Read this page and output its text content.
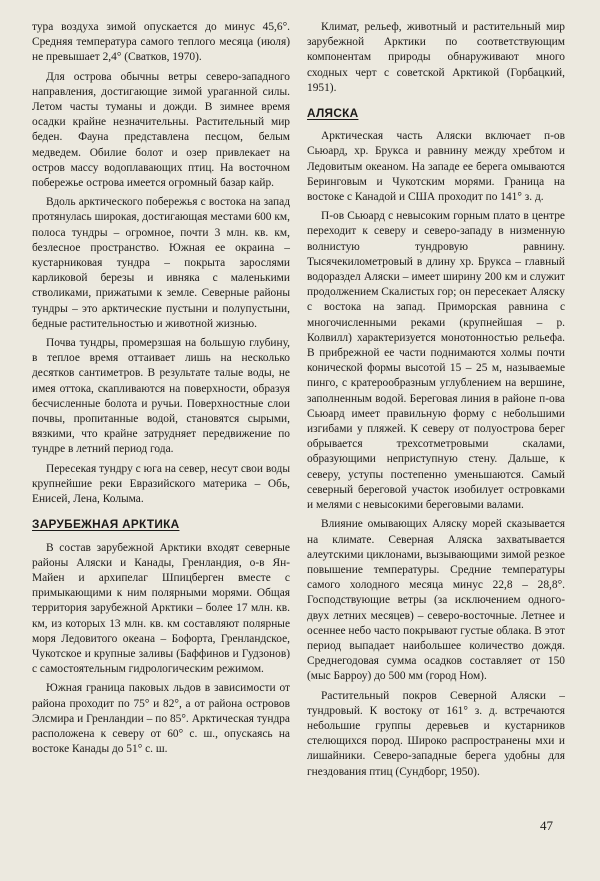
тура воздуха зимой опускается до минус 45,6°. Средняя температура самого теплого месяца (июля) не превышает 2,4° (Сватков, 1970).

Для острова обычны ветры северо-западного направления, достигающие зимой ураганной силы. Летом часты туманы и дожди. В зимнее время осадки крайне незначительны. Растительный мир беден. Фауна представлена песцом, белым медведем. Обилие болот и озер привлекает на остров массу водоплавающих птиц. На восточном побережье острова имеется огромный базар кайр.

Вдоль арктического побережья с востока на запад протянулась широкая, достигающая местами 600 км, полоса тундры – огромное, почти 3 млн. кв. км, безлесное пространство. Южная ее окраина – кустарниковая тундра – покрыта зарослями карликовой березы и ивняка с маленькими стволиками, прижатыми к земле. Северные районы тундры – это арктические пустыни и полупустыни, бедные растительностью и животной жизнью.

Почва тундры, промерзшая на большую глубину, в теплое время оттаивает лишь на несколько десятков сантиметров. В результате талые воды, не имея оттока, скапливаются на поверхности, образуя бесчисленные болота и ручьи. Поверхностные слои почвы, пропитанные водой, становятся сырыми, вязкими, что крайне затрудняет передвижение по тундре в летний период года.

Пересекая тундру с юга на север, несут свои воды крупнейшие реки Евразийского материка – Обь, Енисей, Лена, Колыма.

ЗАРУБЕЖНАЯ АРКТИКА

В состав зарубежной Арктики входят северные районы Аляски и Канады, Гренландия, о-в Ян-Майен и архипелаг Шпицберген вместе с примыкающими к ним полярными морями. Общая территория зарубежной Арктики – более 17 млн. кв. км, из которых 13 млн. кв. км составляют полярные моря Ледовитого океана – Бофорта, Гренландское, Чукотское и крупные заливы (Баффинов и Гудзонов) с самостоятельным гидрологическим режимом.

Южная граница паковых льдов в зависимости от района проходит по 75° и 82°, а от района островов Элсмира и Гренландии – по 85°. Арктическая тундра расположена к северу от 60° с. ш., опускаясь на востоке Канады до 51° с. ш.

Климат, рельеф, животный и растительный мир зарубежной Арктики по соответствующим компонентам природы обнаруживают много сходных черт с советской Арктикой (Горбацкий, 1951).

АЛЯСКА

Арктическая часть Аляски включает п-ов Сьюард, хр. Брукса и равнину между хребтом и Ледовитым океаном. На западе ее берега омываются Беринговым и Чукотским морями. Граница на востоке с Канадой и США проходит по 141° з. д.

П-ов Сьюард с невысоким горным плато в центре переходит к северу и северо-западу в низменную волнистую тундровую равнину. Тысячекилометровый в длину хр. Брукса – главный водораздел Аляски – имеет ширину 200 км и служит продолжением Скалистых гор; он пересекает Аляску с востока на запад. Приморская равнина с многочисленными реками (крупнейшая – р. Колвилл) характеризуется монотонностью рельефа. В прибрежной ее части поднимаются холмы почти конической формы высотой 15 – 25 м, называемые пинго, с кратерообразным углублением на вершине, заполненным водой. Береговая линия в районе п-ова Сьюард имеет правильную форму с небольшими изгибами у пляжей. К северу от полуострова берег обрывается трехсотметровыми скалами, образующими неприступную стену. Дальше, к северу, уступы постепенно уменьшаются. Самый северный береговой участок изобилует островками и мелями с невысокими береговыми валами.

Влияние омывающих Аляску морей сказывается на климате. Северная Аляска захватывается алеутскими циклонами, вызывающими зимой резкое повышение температуры. Средние температуры самого холодного месяца минус 22,8 – 28,8°. Господствующие ветры (за исключением одного-двух летних месяцев) – северо-восточные. Летнее и осеннее небо часто покрывают густые облака. В этот период выпадает наибольшее количество дождя. Среднегодовая сумма осадков составляет от 150 (мыс Барроу) до 500 мм (город Ном).

Растительный покров Северной Аляски – тундровый. К востоку от 161° з. д. встречаются небольшие группы деревьев и кустарников стелющихся пород. Широко распространены мхи и лишайники. Северо-западные берега удобны для гнездования птиц (Сундборг, 1950).

47
